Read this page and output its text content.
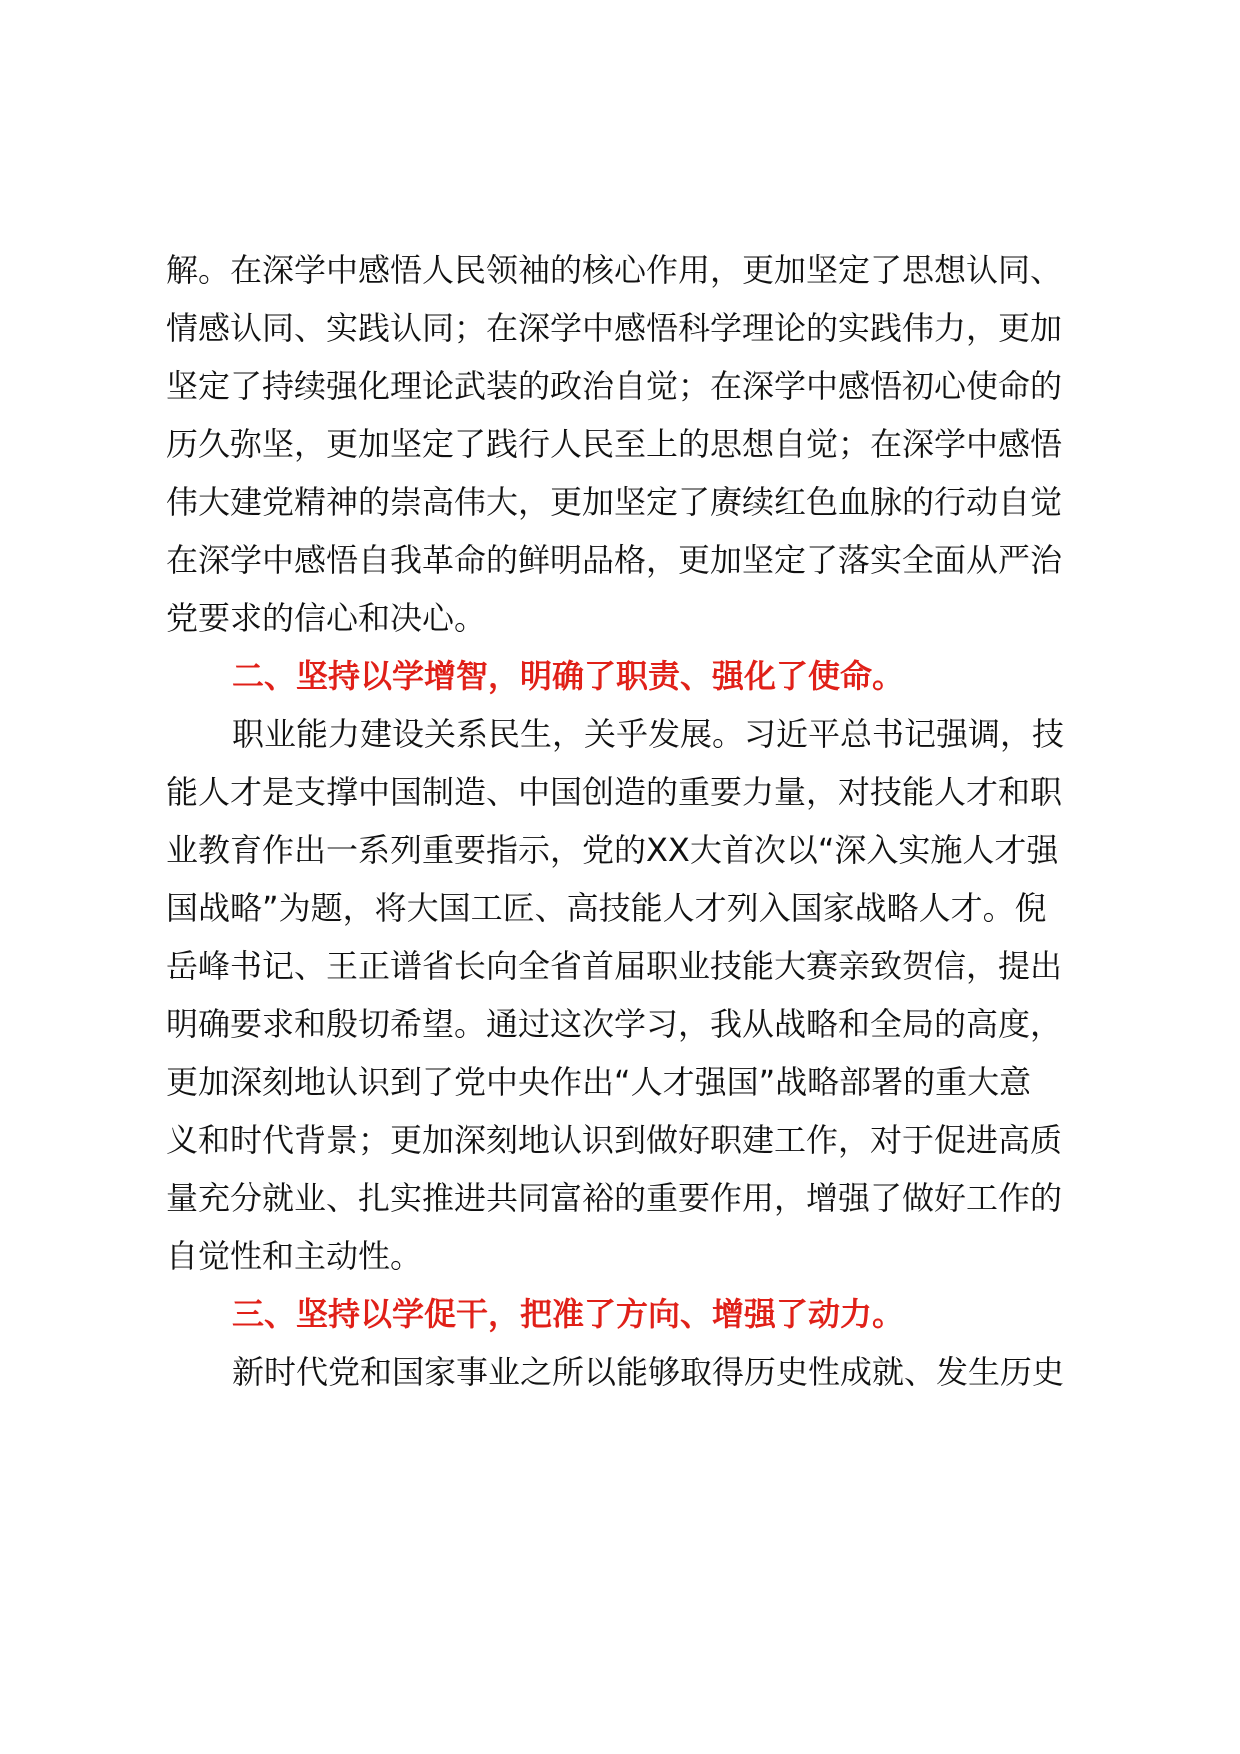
解。在深学中感悟人民领袖的核心作用，更加坚定了思想认同、
情感认同、实践认同；在深学中感悟科学理论的实践伟力，更加
坚定了持续强化理论武装的政治自觉；在深学中感悟初心使命的
历久弥坚，更加坚定了践行人民至上的思想自觉；在深学中感悟
伟大建党精神的崇高伟大，更加坚定了赓续红色血脉的行动自觉
在深学中感悟自我革命的鲜明品格，更加坚定了落实全面从严治
党要求的信心和决心。
二、坚持以学增智，明确了职责、强化了使命。
职业能力建设关系民生，关乎发展。习近平总书记强调，技
能人才是支撑中国制造、中国创造的重要力量，对技能人才和职
业教育作出一系列重要指示，党的XX大首次以“深入实施人才强
国战略”为题，将大国工匠、高技能人才列入国家战略人才。倪
岳峰书记、王正谱省长向全省首届职业技能大赛亲致贺信，提出
明确要求和殷切希望。通过这次学习，我从战略和全局的高度，
更加深刻地认识到了党中央作出“人才强国”战略部署的重大意
义和时代背景；更加深刻地认识到做好职建工作，对于促进高质
量充分就业、扎实推进共同富裕的重要作用，增强了做好工作的
自觉性和主动性。
三、坚持以学促干，把准了方向、增强了动力。
新时代党和国家事业之所以能够取得历史性成就、发生历史
